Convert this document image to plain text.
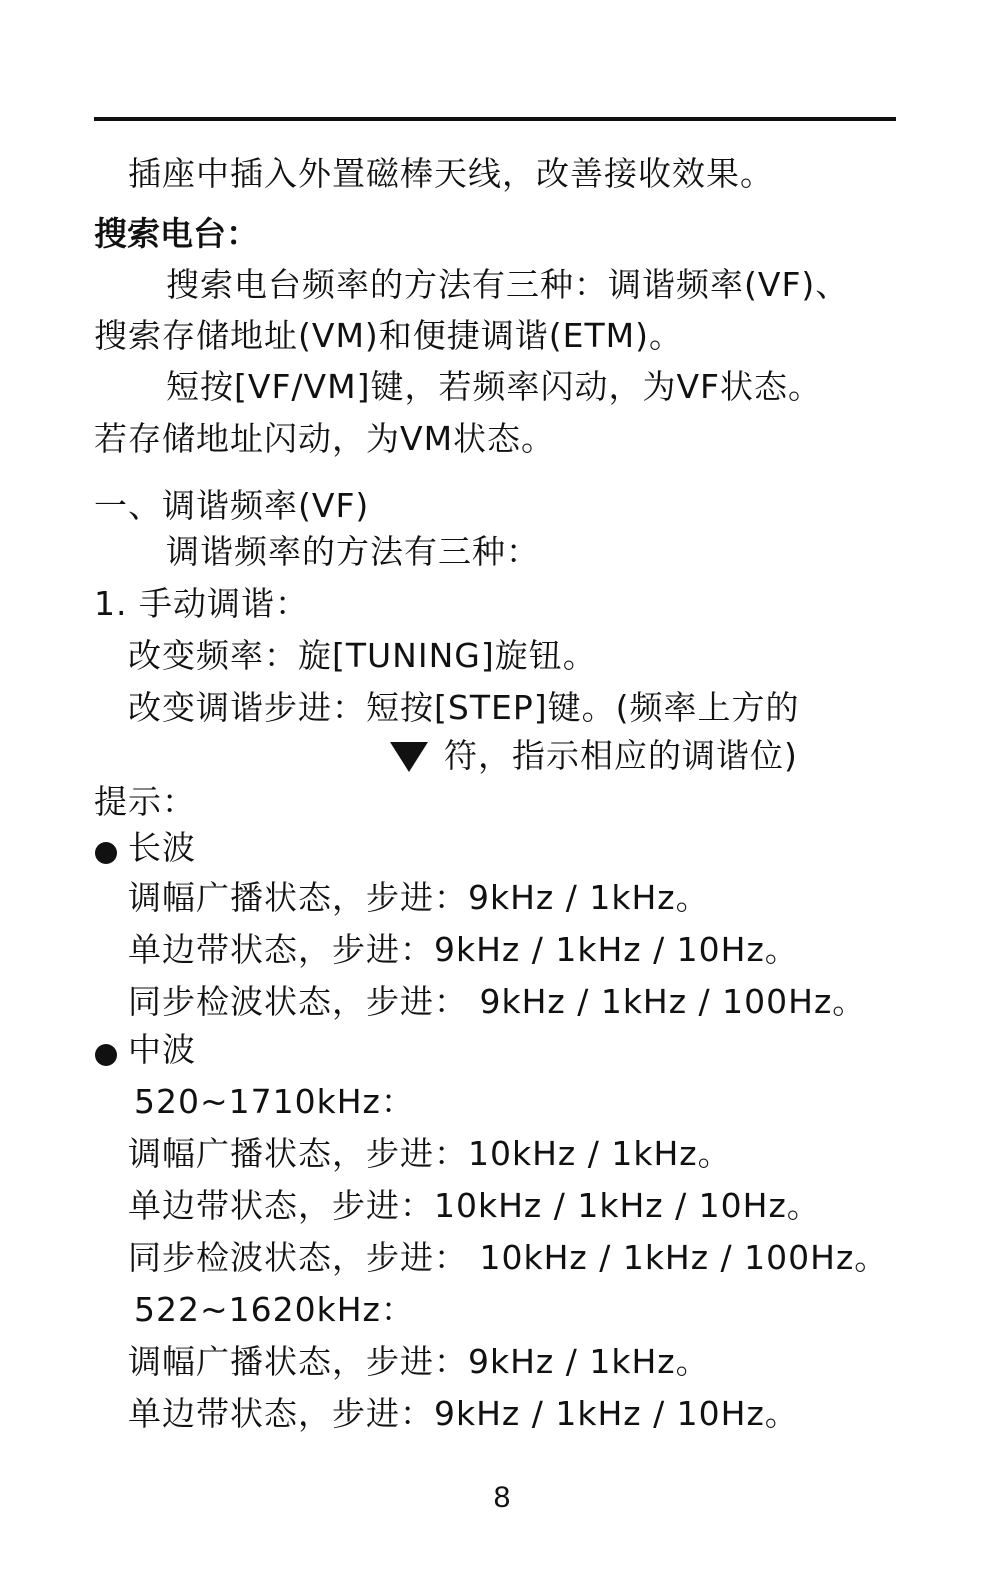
插座中插入外置磁棒天线，改善接收效果。
搜索电台：
搜索电台频率的方法有三种：调谐频率(VF)、
搜索存储地址(VM)和便捷调谐(ETM)。
短按[VF/VM]键，若频率闪动，为VF状态。
若存储地址闪动，为VM状态。
一、调谐频率(VF)
调谐频率的方法有三种：
1. 手动调谐：
改变频率：旋[TUNING]旋钮。
改变调谐步进：短按[STEP]键。(频率上方的
符，指示相应的调谐位)
提示：
长波
调幅广播状态，步进：9kHz / 1kHz。
单边带状态，步进：9kHz / 1kHz / 10Hz。
同步检波状态，步进： 9kHz / 1kHz / 100Hz。
中波
520~1710kHz：
调幅广播状态，步进：10kHz / 1kHz。
单边带状态，步进：10kHz / 1kHz / 10Hz。
同步检波状态，步进： 10kHz / 1kHz / 100Hz。
522~1620kHz：
调幅广播状态，步进：9kHz / 1kHz。
单边带状态，步进：9kHz / 1kHz / 10Hz。
8
